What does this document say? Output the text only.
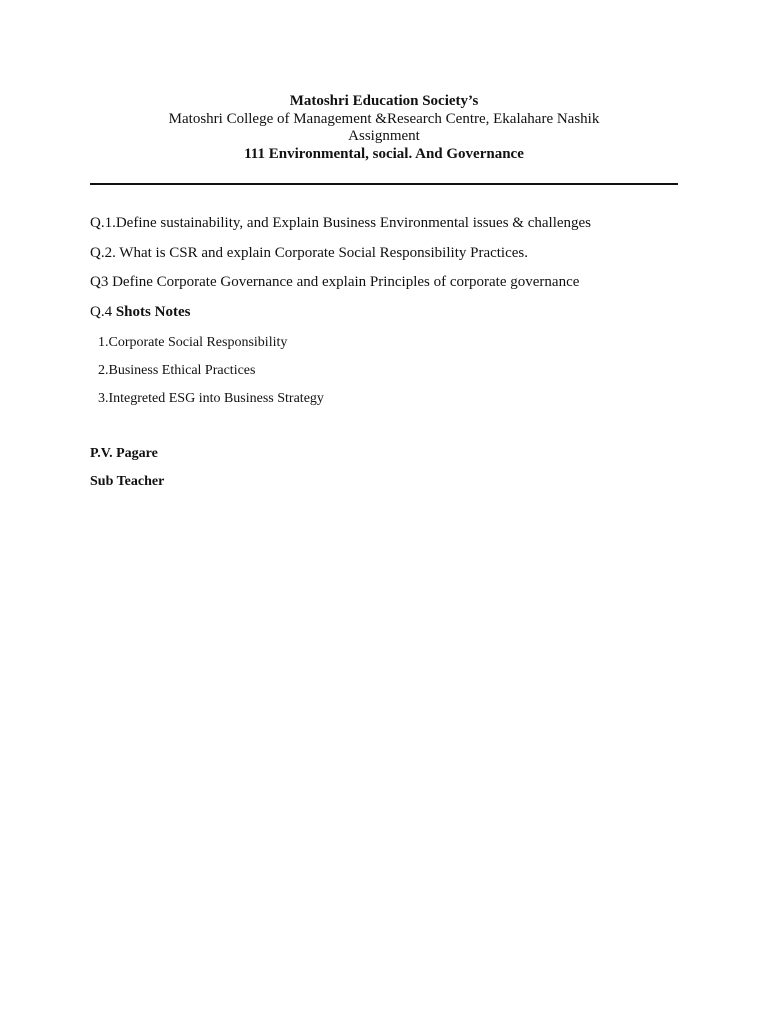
Matoshri Education Society’s
Matoshri College of Management &Research Centre, Ekalahare Nashik
Assignment
111 Environmental, social. And Governance
Q.1.Define sustainability, and Explain Business Environmental issues & challenges
Q.2. What is CSR and explain Corporate Social Responsibility Practices.
Q3 Define Corporate Governance and explain Principles of corporate governance
Q.4 Shots Notes
1.Corporate Social Responsibility
2.Business Ethical Practices
3.Integreted ESG into Business Strategy
P.V. Pagare
Sub Teacher
